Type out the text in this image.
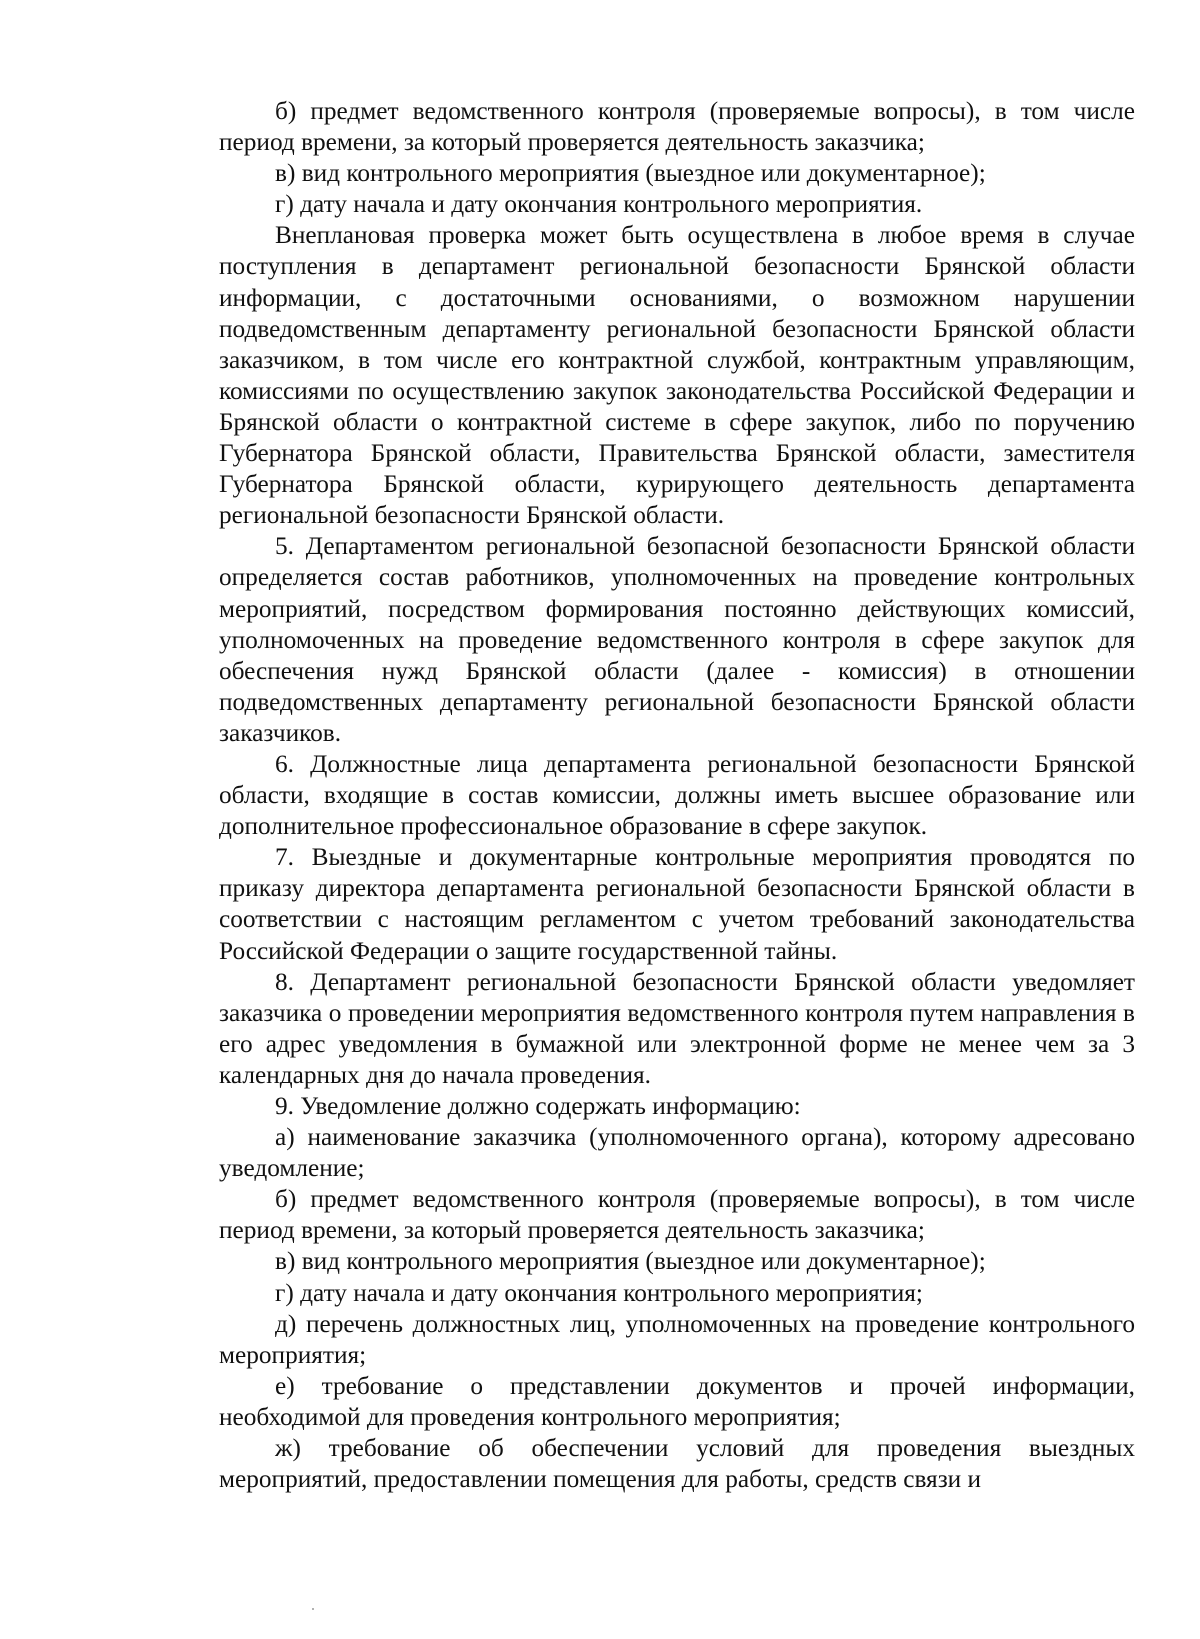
б) предмет ведомственного контроля (проверяемые вопросы), в том числе период времени, за который проверяется деятельность заказчика;

в) вид контрольного мероприятия (выездное или документарное);

г) дату начала и дату окончания контрольного мероприятия.

Внеплановая проверка может быть осуществлена в любое время в случае поступления в департамент региональной безопасности Брянской области информации, с достаточными основаниями, о возможном нарушении подведомственным департаменту региональной безопасности Брянской области заказчиком, в том числе его контрактной службой, контрактным управляющим, комиссиями по осуществлению закупок законодательства Российской Федерации и Брянской области о контрактной системе в сфере закупок, либо по поручению Губернатора Брянской области, Правительства Брянской области, заместителя Губернатора Брянской области, курирующего деятельность департамента региональной безопасности Брянской области.

5. Департаментом региональной безопасной безопасности Брянской области определяется состав работников, уполномоченных на проведение контрольных мероприятий, посредством формирования постоянно действующих комиссий, уполномоченных на проведение ведомственного контроля в сфере закупок для обеспечения нужд Брянской области (далее - комиссия) в отношении подведомственных департаменту региональной безопасности Брянской области заказчиков.

6. Должностные лица департамента региональной безопасности Брянской области, входящие в состав комиссии, должны иметь высшее образование или дополнительное профессиональное образование в сфере закупок.

7. Выездные и документарные контрольные мероприятия проводятся по приказу директора департамента региональной безопасности Брянской области в соответствии с настоящим регламентом с учетом требований законодательства Российской Федерации о защите государственной тайны.

8. Департамент региональной безопасности Брянской области уведомляет заказчика о проведении мероприятия ведомственного контроля путем направления в его адрес уведомления в бумажной или электронной форме не менее чем за 3 календарных дня до начала проведения.

9. Уведомление должно содержать информацию:

а) наименование заказчика (уполномоченного органа), которому адресовано уведомление;

б) предмет ведомственного контроля (проверяемые вопросы), в том числе период времени, за который проверяется деятельность заказчика;

в) вид контрольного мероприятия (выездное или документарное);

г) дату начала и дату окончания контрольного мероприятия;

д) перечень должностных лиц, уполномоченных на проведение контрольного мероприятия;

е) требование о представлении документов и прочей информации, необходимой для проведения контрольного мероприятия;

ж) требование об обеспечении условий для проведения выездных мероприятий, предоставлении помещения для работы, средств связи и
